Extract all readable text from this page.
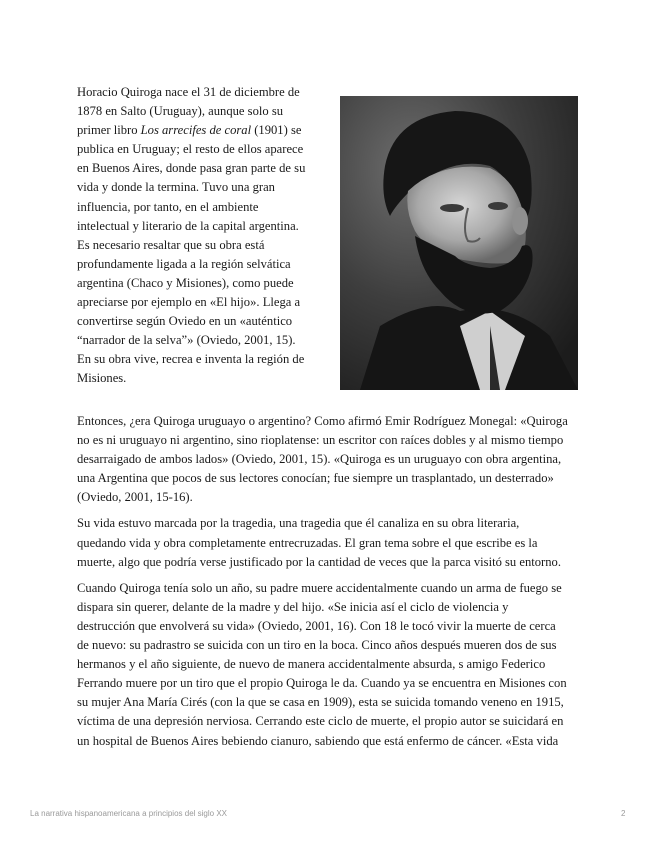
Horacio Quiroga nace el 31 de diciembre de
1878 en Salto (Uruguay), aunque solo su
primer libro Los arrecifes de coral (1901) se
publica en Uruguay; el resto de ellos aparece
en Buenos Aires, donde pasa gran parte de su
vida y donde la termina. Tuvo una gran
influencia, por tanto, en el ambiente
intelectual y literario de la capital argentina.
Es necesario resaltar que su obra está
profundamente ligada a la región selvática
argentina (Chaco y Misiones), como puede
apreciarse por ejemplo en «El hijo». Llega a
convertirse según Oviedo en un «auténtico
“narrador de la selva”» (Oviedo, 2001, 15).
En su obra vive, recrea e inventa la región de
Misiones.
Entonces, ¿era Quiroga uruguayo o argentino? Como afirmó Emir Rodríguez Monegal: «Quiroga
no es ni uruguayo ni argentino, sino rioplatense: un escritor con raíces dobles y al mismo tiempo
desarraigado de ambos lados» (Oviedo, 2001, 15). «Quiroga es un uruguayo con obra argentina,
una Argentina que pocos de sus lectores conocían; fue siempre un trasplantado, un desterrado»
(Oviedo, 2001, 15-16).
Su vida estuvo marcada por la tragedia, una tragedia que él canaliza en su obra literaria,
quedando vida y obra completamente entrecruzadas. El gran tema sobre el que escribe es la
muerte, algo que podría verse justificado por la cantidad de veces que la parca visitó su entorno.
Cuando Quiroga tenía solo un año, su padre muere accidentalmente cuando un arma de fuego se
dispara sin querer, delante de la madre y del hijo. «Se inicia así el ciclo de violencia y
destrucción que envolverá su vida» (Oviedo, 2001, 16). Con 18 le tocó vivir la muerte de cerca
de nuevo: su padrastro se suicida con un tiro en la boca. Cinco años después mueren dos de sus
hermanos y el año siguiente, de nuevo de manera accidentalmente absurda, s amigo Federico
Ferrando muere por un tiro que el propio Quiroga le da. Cuando ya se encuentra en Misiones con
su mujer Ana María Cirés (con la que se casa en 1909), esta se suicida tomando veneno en 1915,
víctima de una depresión nerviosa. Cerrando este ciclo de muerte, el propio autor se suicidará en
un hospital de Buenos Aires bebiendo cianuro, sabiendo que está enfermo de cáncer. «Esta vida
La narrativa hispanoamericana a principios del siglo XX	2
